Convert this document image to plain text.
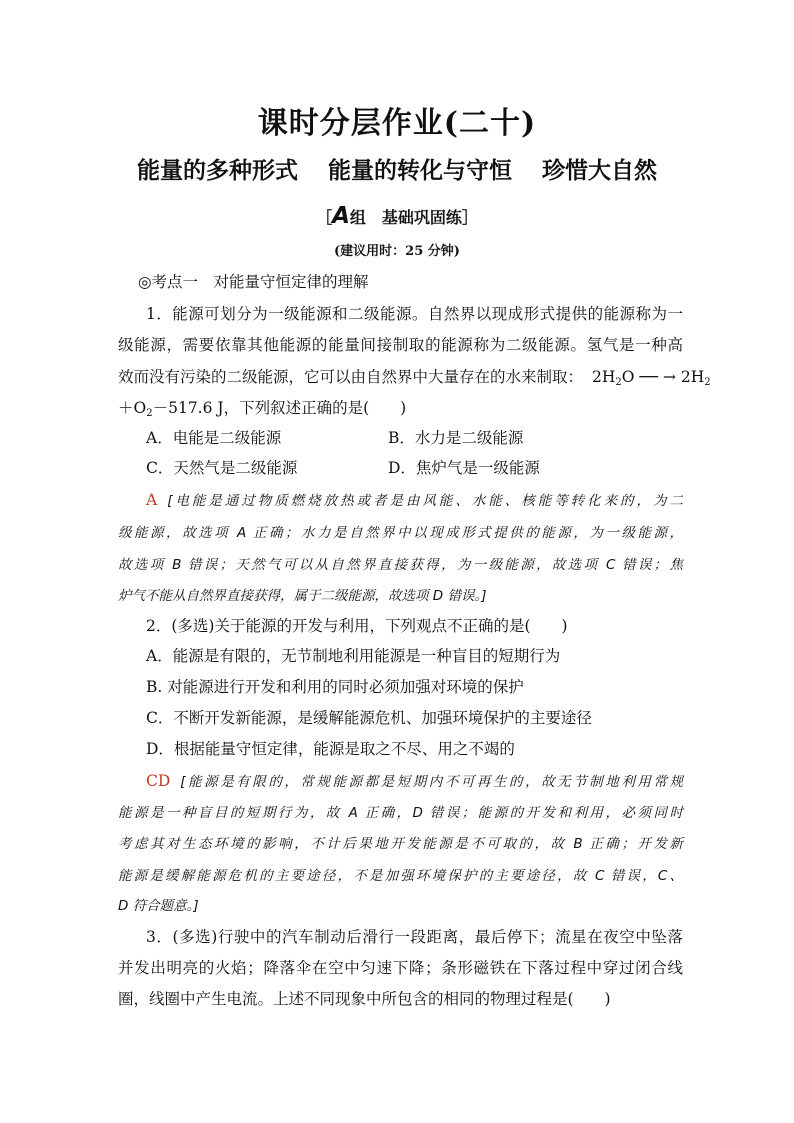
课时分层作业(二十)
能量的多种形式 能量的转化与守恒 珍惜大自然
［A组　基础巩固练］
(建议用时：25 分钟)
◎考点一　对能量守恒定律的理解
1．能源可划分为一级能源和二级能源。自然界以现成形式提供的能源称为一
级能源，需要依靠其他能源的能量间接制取的能源称为二级能源。氢气是一种高
效而没有污染的二级能源，它可以由自然界中大量存在的水来制取： $2H_2O$ ── → $2H_2$
$+O_2-517.6$ J，下列叙述正确的是(　　)
A．电能是二级能源	B．水力是二级能源
C．天然气是二级能源	D．焦炉气是一级能源
A [电能是通过物质燃烧放热或者是由风能、水能、核能等转化来的，为二
级能源，故选项 A 正确；水力是自然界中以现成形式提供的能源，为一级能源，
故选项 B 错误；天然气可以从自然界直接获得，为一级能源，故选项 C 错误；焦
炉气不能从自然界直接获得，属于二级能源，故选项 D 错误。]
2．(多选)关于能源的开发与利用，下列观点不正确的是(　　)
A．能源是有限的，无节制地利用能源是一种盲目的短期行为
B. 对能源进行开发和利用的同时必须加强对环境的保护
C．不断开发新能源，是缓解能源危机、加强环境保护的主要途径
D．根据能量守恒定律，能源是取之不尽、用之不竭的
CD [能源是有限的，常规能源都是短期内不可再生的，故无节制地利用常规
能源是一种盲目的短期行为，故 A 正确，D 错误；能源的开发和利用，必须同时
考虑其对生态环境的影响，不计后果地开发能源是不可取的，故 B 正确；开发新
能源是缓解能源危机的主要途径，不是加强环境保护的主要途径，故 C 错误，C、
D 符合题意。]
3．(多选)行驶中的汽车制动后滑行一段距离，最后停下；流星在夜空中坠落
并发出明亮的火焰；降落伞在空中匀速下降；条形磁铁在下落过程中穿过闭合线
圈，线圈中产生电流。上述不同现象中所包含的相同的物理过程是(　　)
